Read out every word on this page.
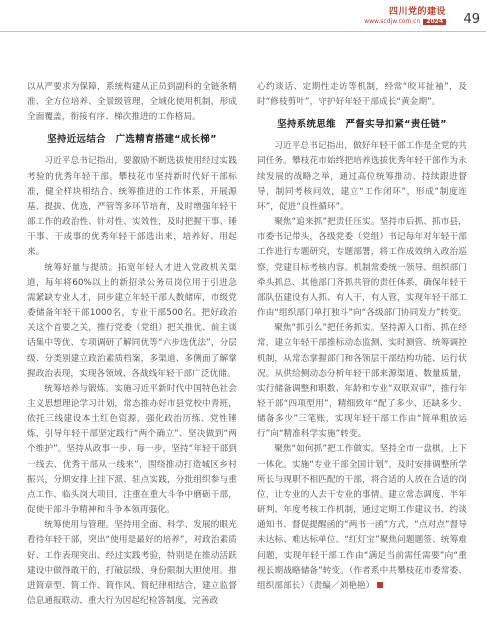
四川党的建设
www.scdjw.com.cn 2024 49

以从严要求为保障，系统构建从正员到副科的全链条精准、全方位培养、全景级管理，全域化使用机制，形成全面覆盖，衔接有序、梯次推进的工作格局。

坚持近远结合　广选精育搭建“成长梯”

习近平总书记指出，要激励不断选拔使用经过实践考验的优秀年轻干部。攀枝花市坚持新时代好干部标准，健全样块相结合、统筹推进的工作体系，开展源基、提拔、优选，严管等多环节培育，及时增强年轻干部工作的政治性、针对性、实效性，及时把握干事、锤干事、干成事的优秀年轻干部选出来，培养好、用起来。

统筹好量与提质。拓宽年轻人才进入党政机关渠道，每年将60%以上的新招录公务员岗位用于引进急需紧缺专业人才，同步建立年轻干部人数储库，市级党委储备年轻干部1000名，专业干部500名。把好政治关这个首要之关，推行党委（党组）把关推优、前主谈话集中等优、专项调研了解同优等“六步选优法”，分层级、分类别建立政治素质档案，多渠道、多侧面了解掌握政治表现，实现各领域、各战线年轻干部广泛优储。

统筹培养与锻炼。实施习近平新时代中国特色社会主义思想理论学习计划，常态推办好市县党校中青班，依托三线建设本土红色资源，强化政治历练、党性锤炼，引导年轻干部坚定践行“两个确立”、坚决做到“两个维护”。坚持从政事一步、每一步，坚持“年轻干部到一线去、优秀干部从一线来”，围绕推动打造城区乡村振兴，分期安排上挂下派、驻点实践，分批组织参与重点工作、临头岗大项目，注重在重大斗争中磨砺干部，促使干部斗争精神和斗争本领再强化。

统筹使用与管理。坚持用全面、科学、发展的眼光看待年轻干部，突出“使用是最好的培养”，对政治素质好、工作表现突出、经过实践考验，特别是在推动活跃建设中做得敢干的，打破层级、身份限制大胆使用。推进简章型、简工作、简作风、简纪律相结合，建立监督信息通报联动、重大行为因起纪检答制度，完善政

心约谈话、定期性走访等机制，经常“咬耳扯袖”，及时“修枝剪叶”，守护好年轻干部成长“黄金期”。

坚持系统思维　严督实导扣紧“责任链”

习近平总书记指出，做好年轻干部工作是全党的共同任务。攀枝花市始终把培养选拔优秀年轻干部作为永续发展的战略之举，通过高位统筹推动、持续跟进督导，制同考核问效，建立“工作闭环”，形成“制度连环”，促进“良性循环”。

聚焦“追来抓”把责任压实。坚持市后抓、抓市县，市委书记带头，各级党委（党组）书记每年对年轻干部工作进行专题研究，专题部署，将工作成效纳入政治巡察，党建目标考核内容。机制常委统一领导、组织部门牵头抓总、其他部门齐抓共管的责任体系，确保年轻干部队伍建设有人抓、有人干，有人管，实现年轻干部工作由“组织部门单打独斗”向“各级部门协同发力”转变。

聚焦“抓引么”把任务抓实。坚持源入口衔、抓在经常，建立年轻干部推标动态监测、实时测管、统筹调控机制，从常态掌握部门和各领层干部结构功能、运行状况。从供给侧动态分析年轻干部来源渠道、数量质量，实行储备调整和职数、年龄和专业“双联双审”，推行年轻干部“四项型用”，精细致年“配了多少、还缺多少、储备多少”三笔账，实现年轻干部工作由“简单粗放运行”向“精准科学实施”转变。

聚焦“如何抓”把工作做实。坚持全市一盘棋，上下一体化。实施“专业干部全国计划”，及时安排调整所学所长与现职不相匹配的干部，将合适的人放在合适的岗位，让专业的人去干专业的事情。建立常态调度、半年研判、年度考核工作机制，通过定期工作建议书、约谈通知书、督促提醒函的“两书一函”方式，“点对点”督导未达标、难达标单位。“红灯宝”聚焦问题题签、统筹难问题，实现年轻干部工作由“满足当前需任需要”向“重视长期战略储备”转变。（作者系中共攀枝花市委常委、组织部部长）（责编／刘艳艳）
